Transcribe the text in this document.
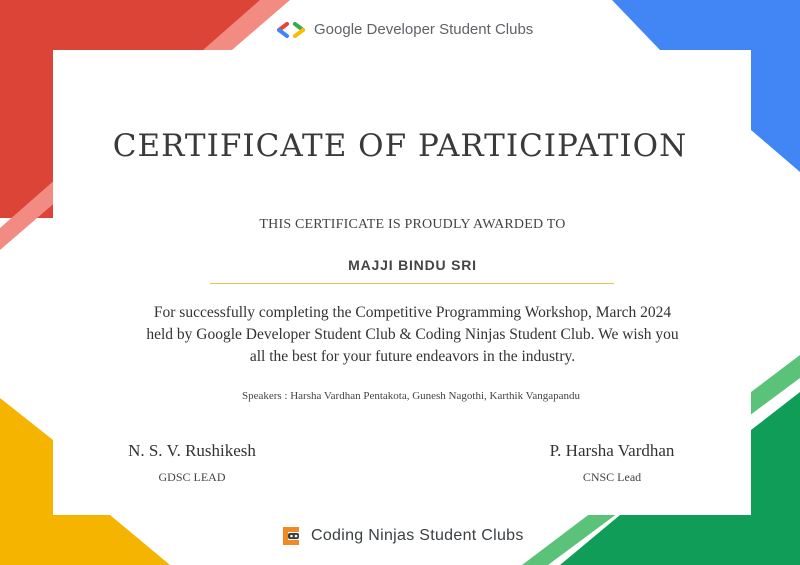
Google Developer Student Clubs
CERTIFICATE OF PARTICIPATION
THIS CERTIFICATE IS PROUDLY AWARDED TO
MAJJI BINDU SRI
For successfully completing the Competitive Programming Workshop, March 2024
held by Google Developer Student Club & Coding Ninjas Student Club. We wish you
all the best for your future endeavors in the industry.
Speakers : Harsha Vardhan Pentakota, Gunesh Nagothi, Karthik Vangapandu
N. S. V. Rushikesh
GDSC LEAD
P. Harsha Vardhan
CNSC Lead
Coding Ninjas Student Clubs
